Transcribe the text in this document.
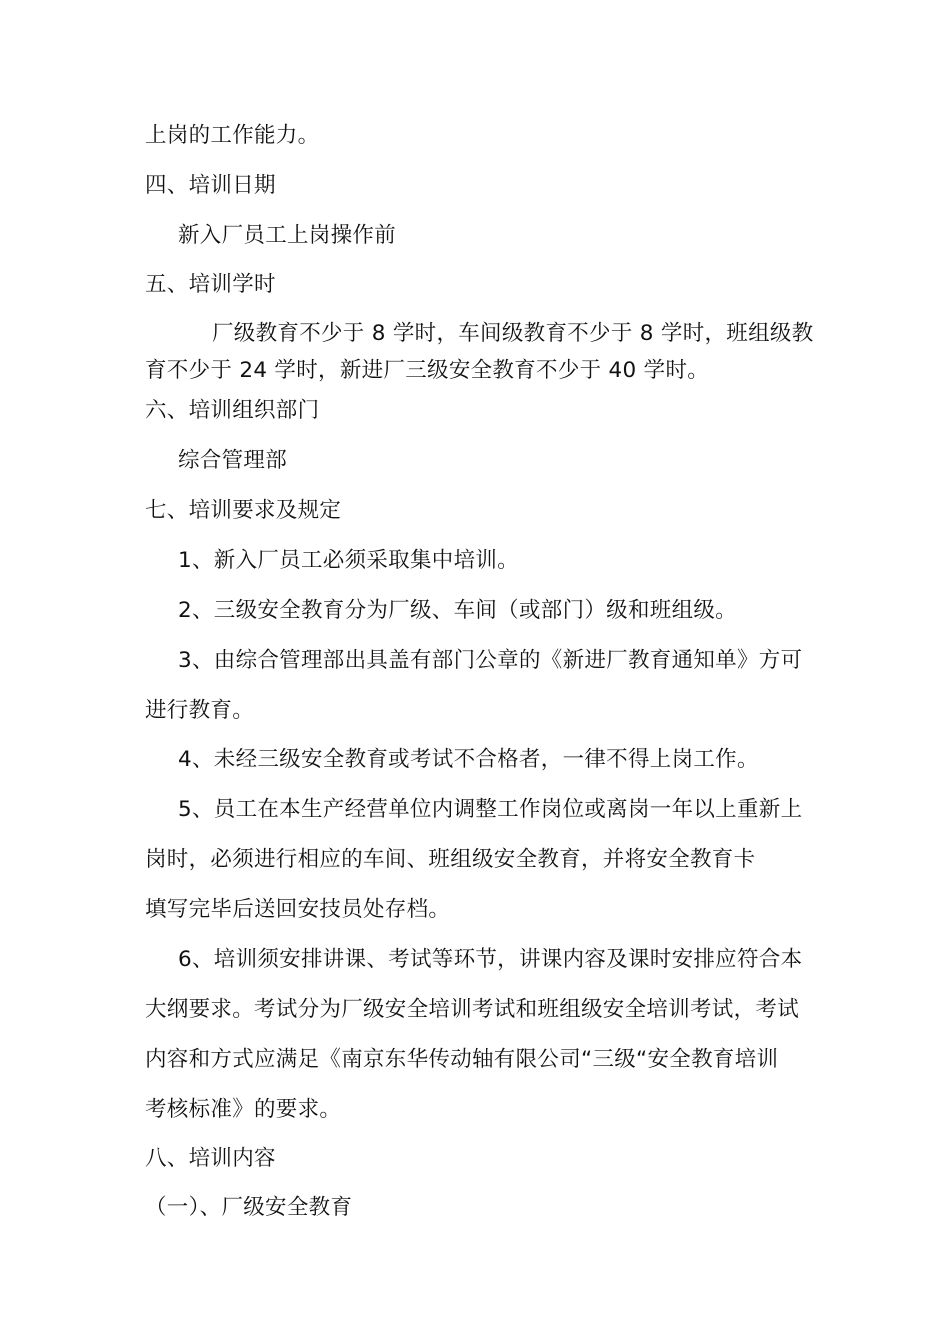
上岗的工作能力。

四、培训日期

新入厂员工上岗操作前

五、培训学时

厂级教育不少于 8 学时，车间级教育不少于 8 学时，班组级教

育不少于 24 学时，新进厂三级安全教育不少于 40 学时。

六、培训组织部门

综合管理部

七、培训要求及规定

1、新入厂员工必须采取集中培训。

2、三级安全教育分为厂级、车间（或部门）级和班组级。

3、由综合管理部出具盖有部门公章的《新进厂教育通知单》方可

进行教育。

4、未经三级安全教育或考试不合格者，一律不得上岗工作。

5、员工在本生产经营单位内调整工作岗位或离岗一年以上重新上

岗时，必须进行相应的车间、班组级安全教育，并将安全教育卡

填写完毕后送回安技员处存档。

6、培训须安排讲课、考试等环节，讲课内容及课时安排应符合本

大纲要求。考试分为厂级安全培训考试和班组级安全培训考试，考试

内容和方式应满足《南京东华传动轴有限公司“三级“安全教育培训

考核标准》的要求。

八、培训内容

（一）、厂级安全教育
